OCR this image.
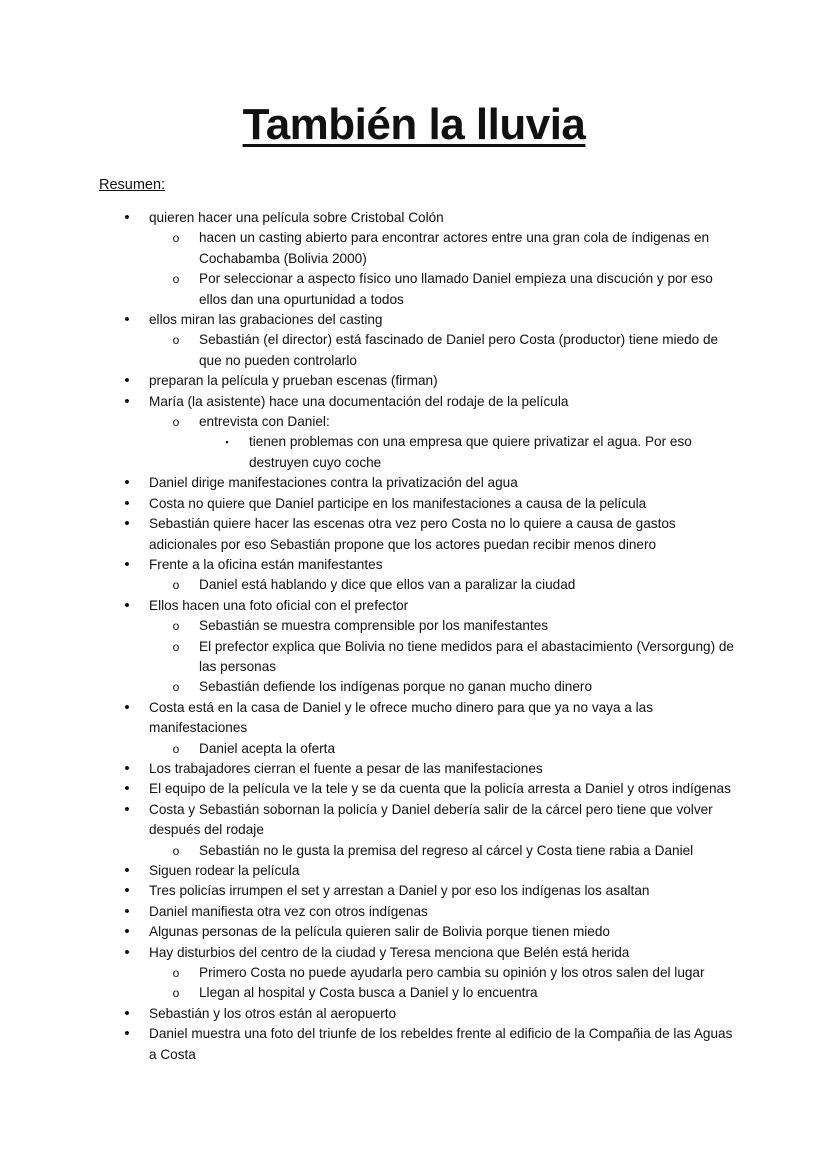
También la lluvia
Resumen:
•	quieren hacer una película sobre Cristobal Colón
o	hacen un casting abierto para encontrar actores entre una gran cola de índigenas en Cochabamba (Bolivia 2000)
o	Por seleccionar a aspecto físico uno llamado Daniel empieza una discución y por eso ellos dan una opurtunidad a todos
•	ellos miran las grabaciones del casting
o	Sebastián (el director) está fascinado de Daniel pero Costa (productor) tiene miedo de que no pueden controlarlo
•	preparan la película y prueban escenas (firman)
•	María (la asistente) hace una documentación del rodaje de la película
o	entrevista con Daniel:
▪	tienen problemas con una empresa que quiere privatizar el agua. Por eso destruyen cuyo coche
•	Daniel dirige manifestaciones contra la privatización del agua
•	Costa no quiere que Daniel participe en los manifestaciones a causa de la película
•	Sebastián quiere hacer las escenas otra vez pero Costa no lo quiere a causa de gastos adicionales por eso Sebastián propone que los actores puedan recibir menos dinero
•	Frente a la oficina están manifestantes
o	Daniel está hablando y dice que ellos van a paralizar la ciudad
•	Ellos hacen una foto oficial con el prefector
o	Sebastián se muestra comprensible por los manifestantes
o	El prefector explica que Bolivia no tiene medidos para el abastacimiento (Versorgung) de las personas
o	Sebastián defiende los indígenas porque no ganan mucho dinero
•	Costa está en la casa de Daniel y le ofrece mucho dinero para que ya no vaya a las manifestaciones
o	Daniel acepta la oferta
•	Los trabajadores cierran el fuente a pesar de las manifestaciones
•	El equipo de la película ve la tele y se da cuenta que la policía arresta a Daniel y otros indígenas
•	Costa y Sebastián sobornan la policía y Daniel debería salir de la cárcel pero tiene que volver después del rodaje
o	Sebastián no le gusta la premisa del regreso al cárcel y Costa tiene rabia a Daniel
•	Siguen rodear la película
•	Tres policías irrumpen el set y arrestan a Daniel y por eso los indígenas los asaltan
•	Daniel manifiesta otra vez con otros indígenas
•	Algunas personas de la película quieren salir de Bolivia porque tienen miedo
•	Hay disturbios del centro de la ciudad y Teresa menciona que Belén está herida
o	Primero Costa no puede ayudarla pero cambia su opinión y los otros salen del lugar
o	Llegan al hospital y Costa busca a Daniel y lo encuentra
•	Sebastián y los otros están al aeropuerto
•	Daniel muestra una foto del triunfe de los rebeldes frente al edificio de la Compañia de las Aguas a Costa
